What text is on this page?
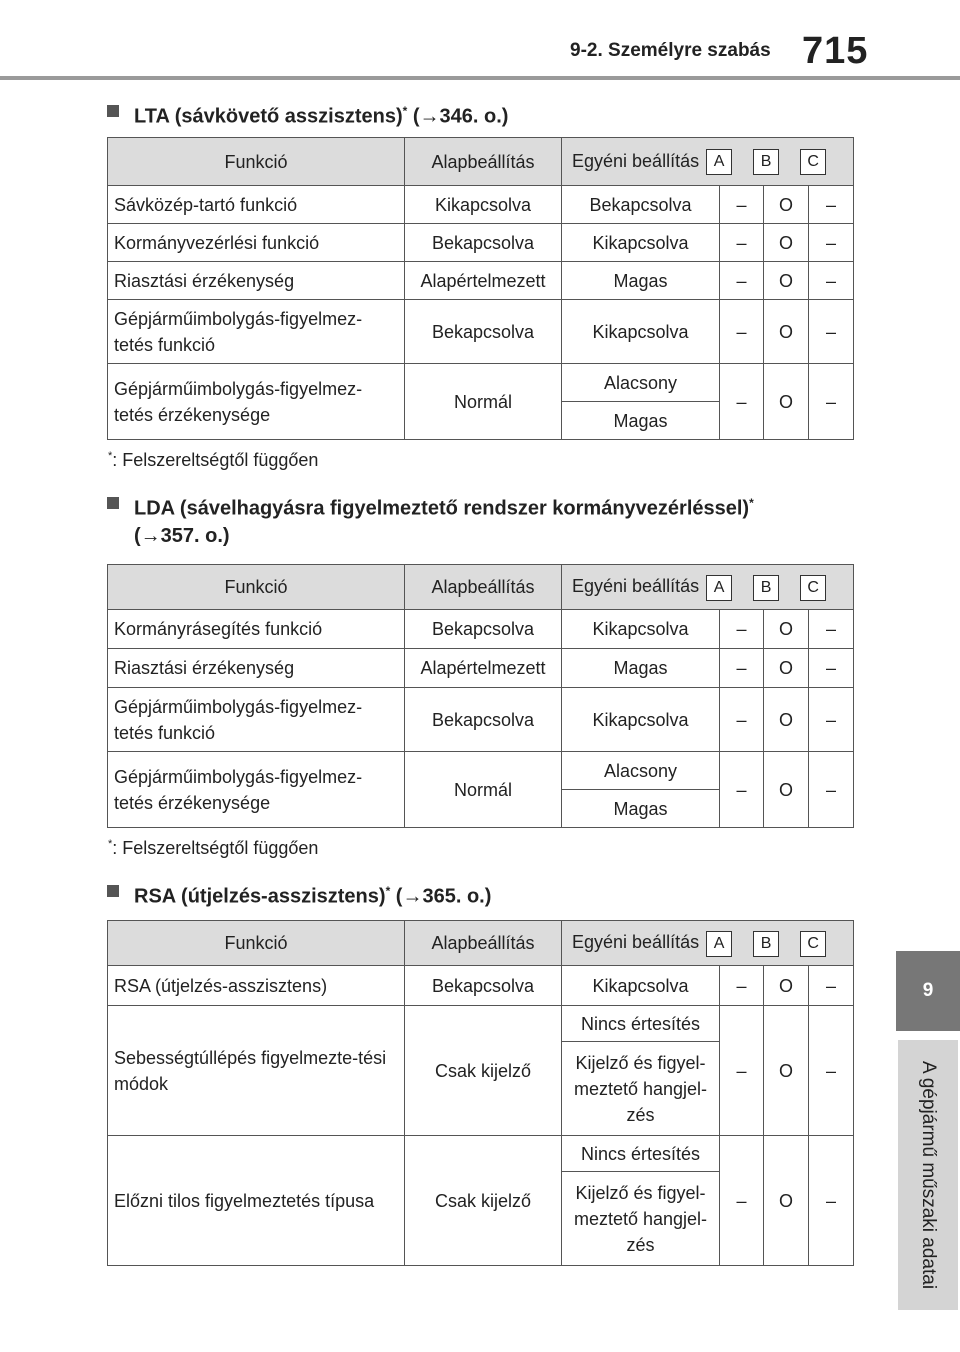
9-2. Személyre szabás 715
9
A gépjármű műszaki adatai
LTA (sávkövető asszisztens)* (→346. o.)
Funkció	Alapbeállítás	Egyéni beállítás A B C			
Sávközép-tartó funkció	Kikapcsolva	Bekapcsolva	–	O	–
Kormányvezérlési funkció	Bekapcsolva	Kikapcsolva	–	O	–
Riasztási érzékenység	Alapértelmezett	Magas	–	O	–
Gépjárműimbolygás-figyelmez-tetés funkció	Bekapcsolva	Kikapcsolva	–	O	–
Gépjárműimbolygás-figyelmez-tetés érzékenysége	Normál	Alacsony	–	O	–
		Magas			
*: Felszereltségtől függően
LDA (sávelhagyásra figyelmeztető rendszer kormányvezérléssel)*
(→357. o.)
Funkció	Alapbeállítás	Egyéni beállítás A B C			
Kormányrásegítés funkció	Bekapcsolva	Kikapcsolva	–	O	–
Riasztási érzékenység	Alapértelmezett	Magas	–	O	–
Gépjárműimbolygás-figyelmez-tetés funkció	Bekapcsolva	Kikapcsolva	–	O	–
Gépjárműimbolygás-figyelmez-tetés érzékenysége	Normál	Alacsony	–	O	–
		Magas			
*: Felszereltségtől függően
RSA (útjelzés-asszisztens)* (→365. o.)
Funkció	Alapbeállítás	Egyéni beállítás A B C			
RSA (útjelzés-asszisztens)	Bekapcsolva	Kikapcsolva	–	O	–
Sebességtúllépés figyelmezte-tési módok	Csak kijelző	Nincs értesítés	–	O	–
		Kijelző és figyel-meztető hangjel-zés			
Előzni tilos figyelmeztetés típusa	Csak kijelző	Nincs értesítés	–	O	–
		Kijelző és figyel-meztető hangjel-zés			
